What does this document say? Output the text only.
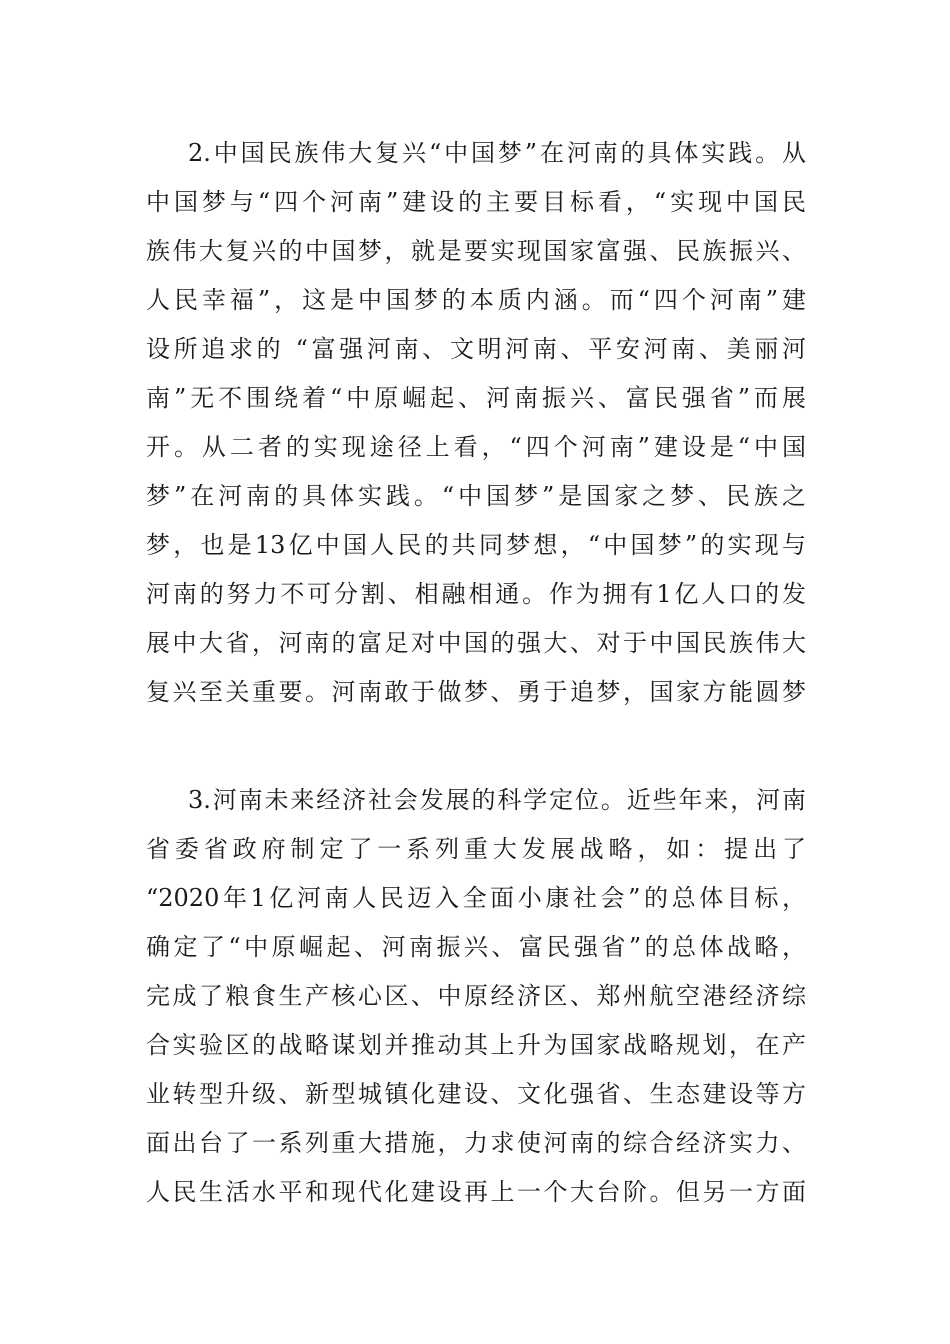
2.中国民族伟大复兴“中国梦”在河南的具体实践。从
中国梦与“四个河南”建设的主要目标看，“实现中国民
族伟大复兴的中国梦，就是要实现国家富强、民族振兴、
人民幸福”，这是中国梦的本质内涵。而“四个河南”建
设所追求的 “富强河南、文明河南、平安河南、美丽河
南”无不围绕着“中原崛起、河南振兴、富民强省”而展
开。从二者的实现途径上看，“四个河南”建设是“中国
梦”在河南的具体实践。“中国梦”是国家之梦、民族之
梦，也是13亿中国人民的共同梦想，“中国梦”的实现与
河南的努力不可分割、相融相通。作为拥有1亿人口的发
展中大省，河南的富足对中国的强大、对于中国民族伟大
复兴至关重要。河南敢于做梦、勇于追梦，国家方能圆梦
3.河南未来经济社会发展的科学定位。近些年来，河南
省委省政府制定了一系列重大发展战略，如：提出了
“2020年1亿河南人民迈入全面小康社会”的总体目标，
确定了“中原崛起、河南振兴、富民强省”的总体战略，
完成了粮食生产核心区、中原经济区、郑州航空港经济综
合实验区的战略谋划并推动其上升为国家战略规划，在产
业转型升级、新型城镇化建设、文化强省、生态建设等方
面出台了一系列重大措施，力求使河南的综合经济实力、
人民生活水平和现代化建设再上一个大台阶。但另一方面
